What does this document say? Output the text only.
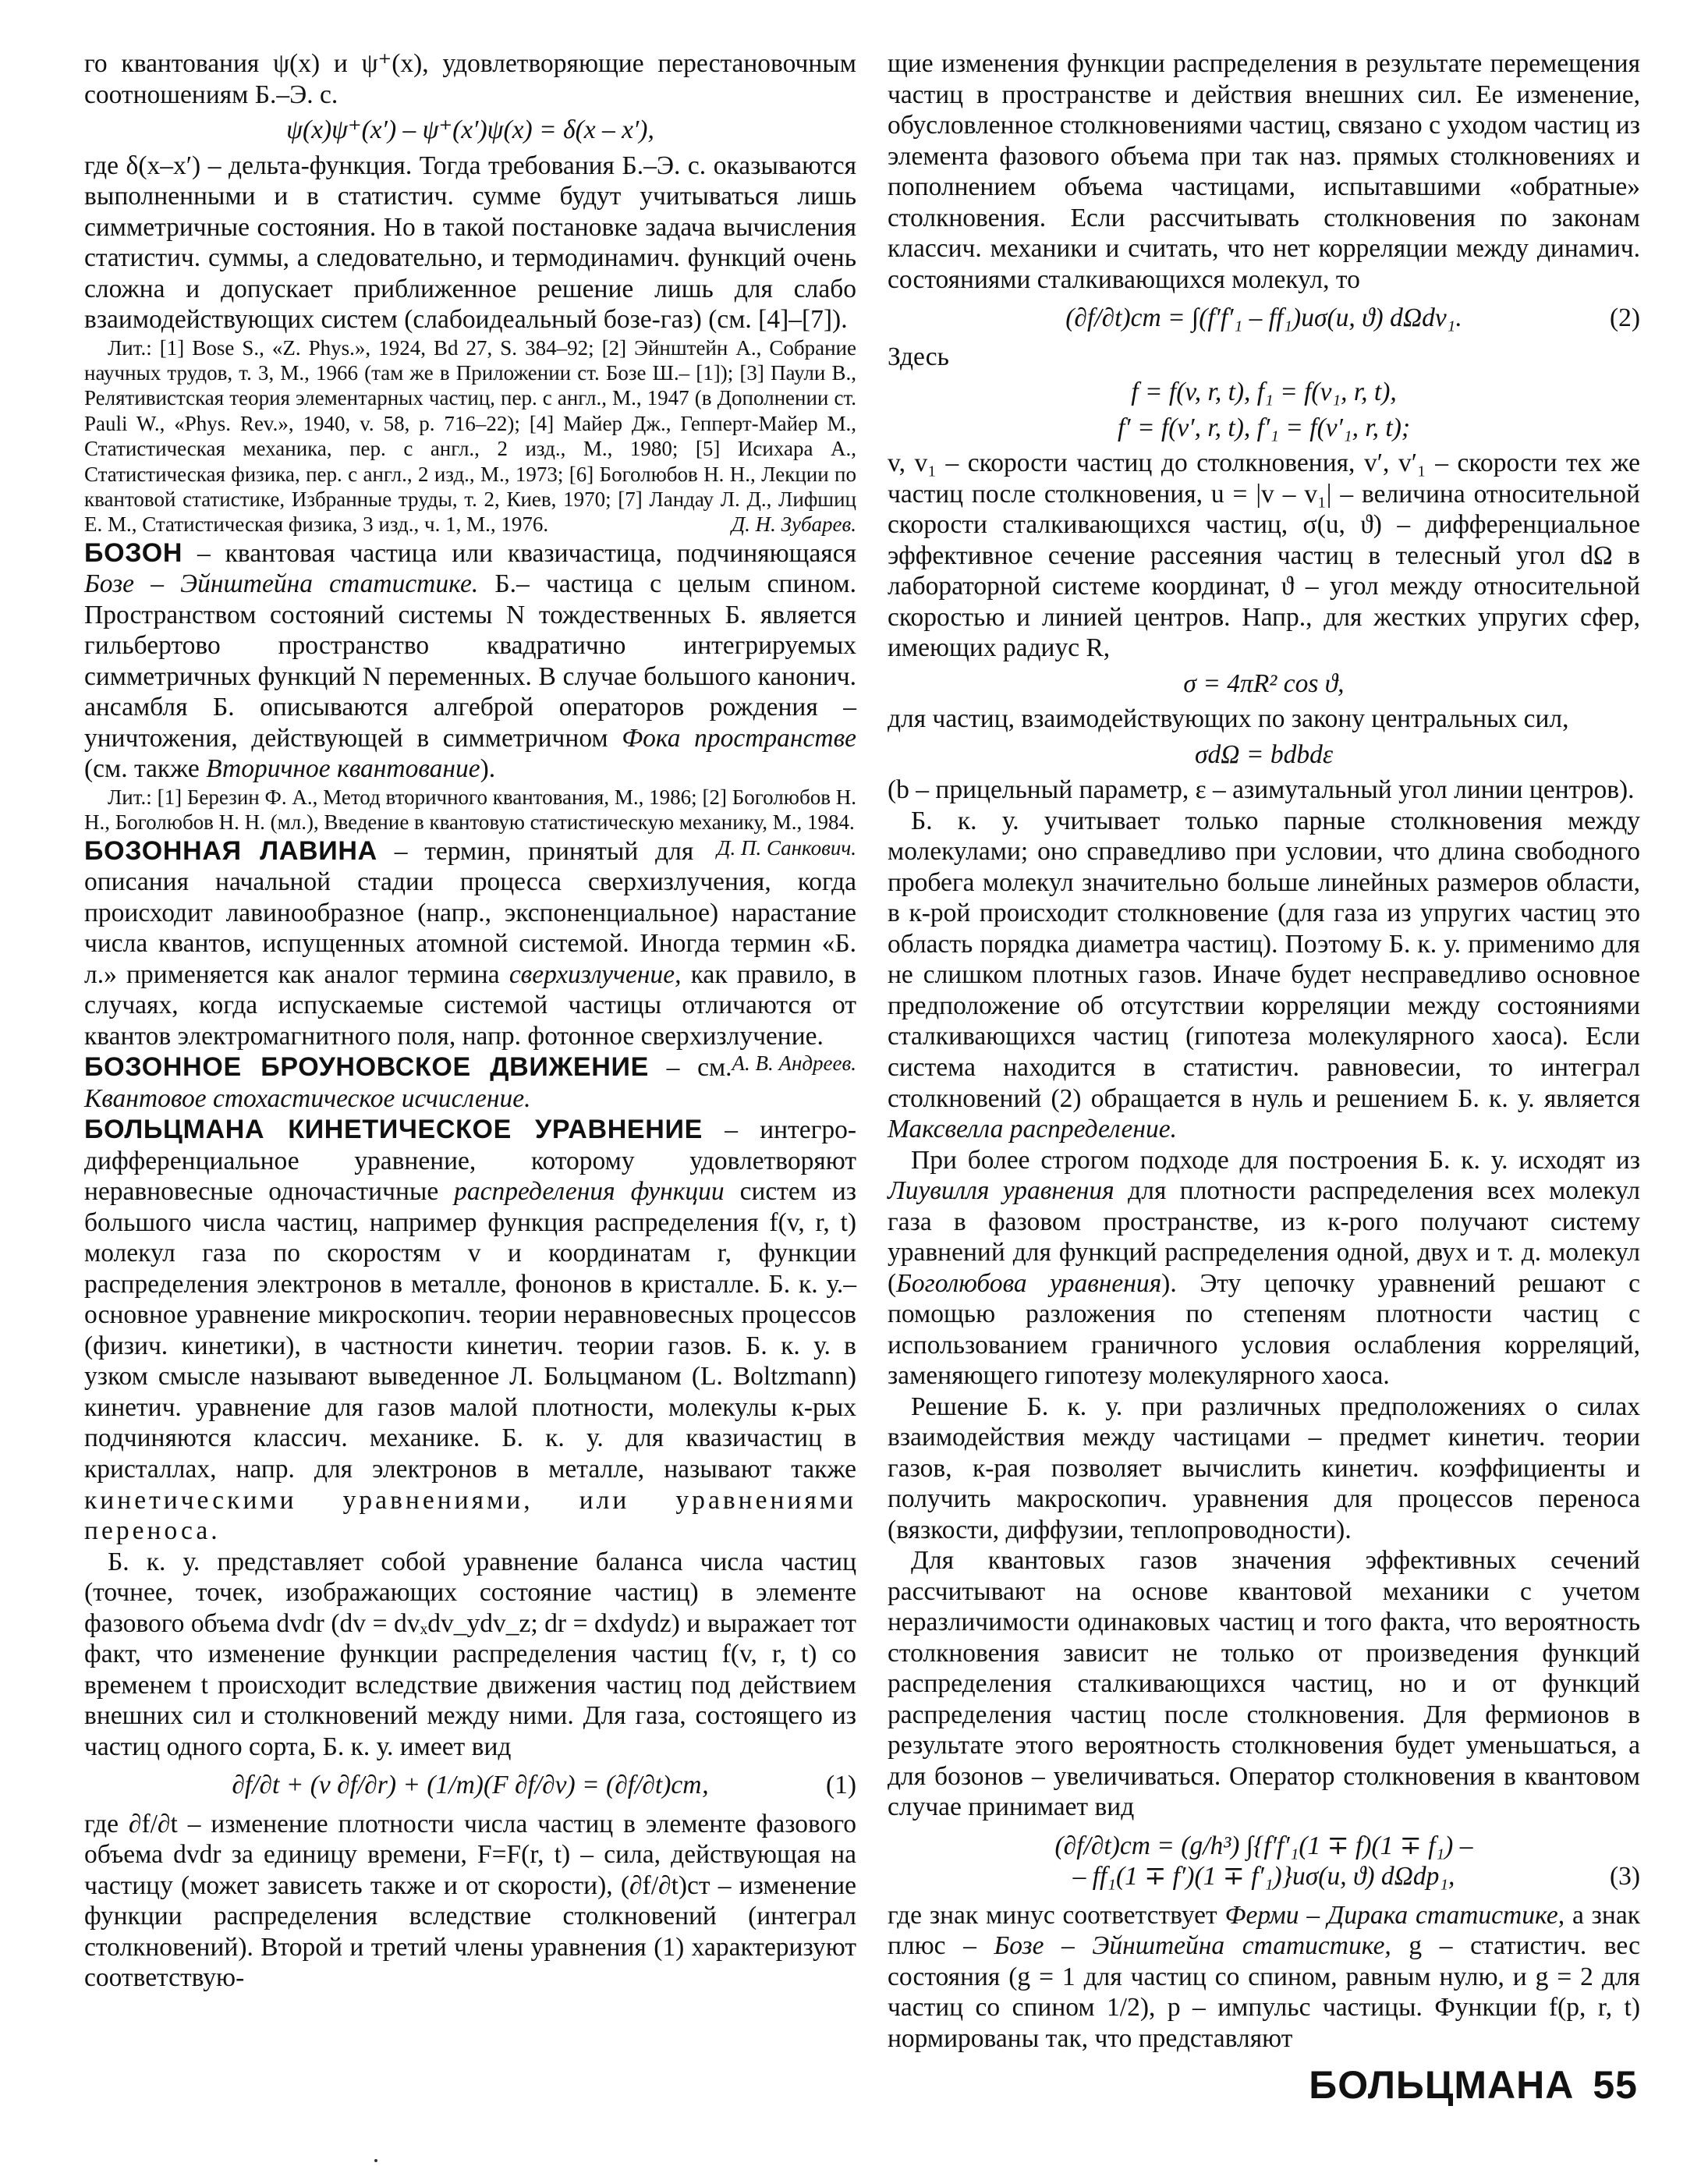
го квантования ψ(x) и ψ⁺(x), удовлетворяющие перестановочным соотношениям Б.–Э. с.

ψ(x)ψ⁺(x′) – ψ⁺(x′)ψ(x) = δ(x – x′),

где δ(x–x′) – дельта-функция. Тогда требования Б.–Э. с. оказываются выполненными и в статистич. сумме будут учитываться лишь симметричные состояния. Но в такой постановке задача вычисления статистич. суммы, а следовательно, и термодинамич. функций очень сложна и допускает приближенное решение лишь для слабо взаимодействующих систем (слабоидеальный бозе-газ) (см. [4]–[7]).

Лит.: [1] Bose S., «Z. Phys.», 1924, Bd 27, S. 384–92; [2] Эйнштейн А., Собрание научных трудов, т. 3, М., 1966 (там же в Приложении ст. Бозе Ш.– [1]); [3] Паули В., Релятивистская теория элементарных частиц, пер. с англ., М., 1947 (в Дополнении ст. Pauli W., «Phys. Rev.», 1940, v. 58, p. 716–22); [4] Майер Дж., Гепперт-Майер М., Статистическая механика, пер. с англ., 2 изд., М., 1980; [5] Исихара А., Статистическая физика, пер. с англ., 2 изд., М., 1973; [6] Боголюбов Н. Н., Лекции по квантовой статистике, Избранные труды, т. 2, Киев, 1970; [7] Ландау Л. Д., Лифшиц Е. М., Статистическая физика, 3 изд., ч. 1, М., 1976.	Д. Н. Зубарев.

БОЗОН – квантовая частица или квазичастица, подчиняющаяся Бозе – Эйнштейна статистике. Б.– частица с целым спином. Пространством состояний системы N тождественных Б. является гильбертово пространство квадратично интегрируемых симметричных функций N переменных. В случае большого канонич. ансамбля Б. описываются алгеброй операторов рождения – уничтожения, действующей в симметричном Фока пространстве (см. также Вторичное квантование).

Лит.: [1] Березин Ф. А., Метод вторичного квантования, М., 1986; [2] Боголюбов Н. Н., Боголюбов Н. Н. (мл.), Введение в квантовую статистическую механику, М., 1984.
Д. П. Санкович.

БОЗОННАЯ ЛАВИНА – термин, принятый для описания начальной стадии процесса сверхизлучения, когда происходит лавинообразное (напр., экспоненциальное) нарастание числа квантов, испущенных атомной системой. Иногда термин «Б. л.» применяется как аналог термина сверхизлучение, как правило, в случаях, когда испускаемые системой частицы отличаются от квантов электромагнитного поля, напр. фотонное сверхизлучение.
А. В. Андреев.

БОЗОННОЕ БРОУНОВСКОЕ ДВИЖЕНИЕ – см. Квантовое стохастическое исчисление.

БОЛЬЦМАНА КИНЕТИЧЕСКОЕ УРАВНЕНИЕ – интегро-дифференциальное уравнение, которому удовлетворяют неравновесные одночастичные распределения функции систем из большого числа частиц, например функция распределения f(v, r, t) молекул газа по скоростям v и координатам r, функции распределения электронов в металле, фононов в кристалле. Б. к. у.– основное уравнение микроскопич. теории неравновесных процессов (физич. кинетики), в частности кинетич. теории газов. Б. к. у. в узком смысле называют выведенное Л. Больцманом (L. Boltzmann) кинетич. уравнение для газов малой плотности, молекулы к-рых подчиняются классич. механике. Б. к. у. для квазичастиц в кристаллах, напр. для электронов в металле, называют также кинетическими уравнениями, или уравнениями переноса.

Б. к. у. представляет собой уравнение баланса числа частиц (точнее, точек, изображающих состояние частиц) в элементе фазового объема dvdr (dv = dvₓdv_ydv_z; dr = dxdydz) и выражает тот факт, что изменение функции распределения частиц f(v, r, t) со временем t происходит вследствие движения частиц под действием внешних сил и столкновений между ними. Для газа, состоящего из частиц одного сорта, Б. к. у. имеет вид

∂f/∂t + (v ∂f/∂r) + (1/m)(F ∂f/∂v) = (∂f/∂t)ст,	(1)

где ∂f/∂t – изменение плотности числа частиц в элементе фазового объема dvdr за единицу времени, F=F(r, t) – сила, действующая на частицу (может зависеть также и от скорости), (∂f/∂t)ст – изменение функции распределения вследствие столкновений (интеграл столкновений). Второй и третий члены уравнения (1) характеризуют соответствую-

щие изменения функции распределения в результате перемещения частиц в пространстве и действия внешних сил. Ее изменение, обусловленное столкновениями частиц, связано с уходом частиц из элемента фазового объема при так наз. прямых столкновениях и пополнением объема частицами, испытавшими «обратные» столкновения. Если рассчитывать столкновения по законам классич. механики и считать, что нет корреляции между динамич. состояниями сталкивающихся молекул, то

(∂f/∂t)ст = ∫(f′f′₁ – ff₁)uσ(u, ϑ) dΩdv₁.	(2)

Здесь

f = f(v, r, t), f₁ = f(v₁, r, t),
f′ = f(v′, r, t), f′₁ = f(v′₁, r, t);

v, v₁ – скорости частиц до столкновения, v′, v′₁ – скорости тех же частиц после столкновения, u = |v – v₁| – величина относительной скорости сталкивающихся частиц, σ(u, ϑ) – дифференциальное эффективное сечение рассеяния частиц в телесный угол dΩ в лабораторной системе координат, ϑ – угол между относительной скоростью и линией центров. Напр., для жестких упругих сфер, имеющих радиус R,

σ = 4πR² cos ϑ,

для частиц, взаимодействующих по закону центральных сил,

σdΩ = bdbdε

(b – прицельный параметр, ε – азимутальный угол линии центров).

Б. к. у. учитывает только парные столкновения между молекулами; оно справедливо при условии, что длина свободного пробега молекул значительно больше линейных размеров области, в к-рой происходит столкновение (для газа из упругих частиц это область порядка диаметра частиц). Поэтому Б. к. у. применимо для не слишком плотных газов. Иначе будет несправедливо основное предположение об отсутствии корреляции между состояниями сталкивающихся частиц (гипотеза молекулярного хаоса). Если система находится в статистич. равновесии, то интеграл столкновений (2) обращается в нуль и решением Б. к. у. является Максвелла распределение.

При более строгом подходе для построения Б. к. у. исходят из Лиувилля уравнения для плотности распределения всех молекул газа в фазовом пространстве, из к-рого получают систему уравнений для функций распределения одной, двух и т. д. молекул (Боголюбова уравнения). Эту цепочку уравнений решают с помощью разложения по степеням плотности частиц с использованием граничного условия ослабления корреляций, заменяющего гипотезу молекулярного хаоса.

Решение Б. к. у. при различных предположениях о силах взаимодействия между частицами – предмет кинетич. теории газов, к-рая позволяет вычислить кинетич. коэффициенты и получить макроскопич. уравнения для процессов переноса (вязкости, диффузии, теплопроводности).

Для квантовых газов значения эффективных сечений рассчитывают на основе квантовой механики с учетом неразличимости одинаковых частиц и того факта, что вероятность столкновения зависит не только от произведения функций распределения сталкивающихся частиц, но и от функций распределения частиц после столкновения. Для фермионов в результате этого вероятность столкновения будет уменьшаться, а для бозонов – увеличиваться. Оператор столкновения в квантовом случае принимает вид

(∂f/∂t)ст = (g/h³) ∫{f′f′₁(1 ∓ f)(1 ∓ f₁) –
– ff₁(1 ∓ f′)(1 ∓ f′₁)}uσ(u, ϑ) dΩdp₁,	(3)

где знак минус соответствует Ферми – Дирака статистике, а знак плюс – Бозе – Эйнштейна статистике, g – статистич. вес состояния (g = 1 для частиц со спином, равным нулю, и g = 2 для частиц со спином 1/2), p – импульс частицы. Функции f(p, r, t) нормированы так, что представляют

БОЛЬЦМАНА 55
